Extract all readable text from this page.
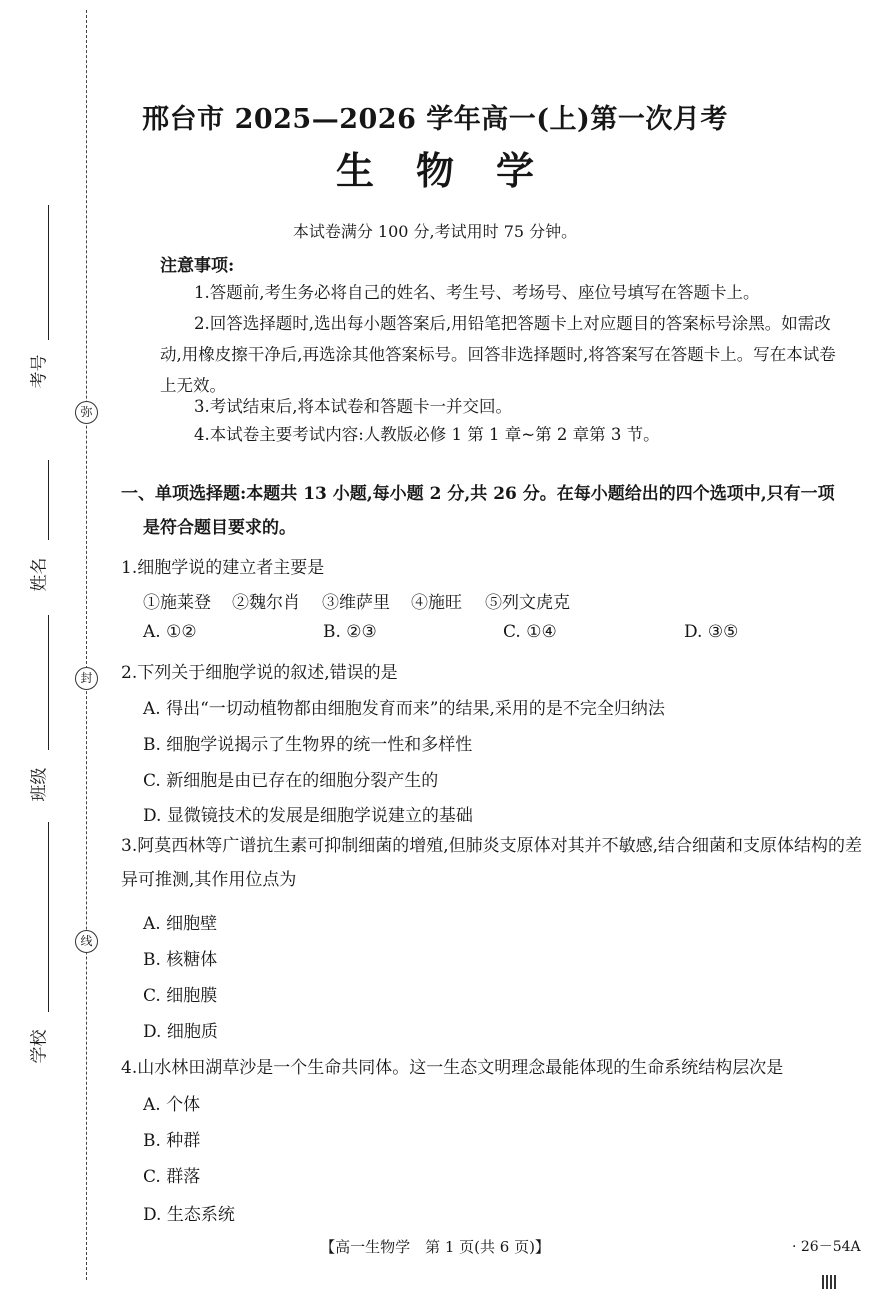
弥
封
线
考号
姓名
班级
学校
邢台市 2025—2026 学年高一(上)第一次月考
生物学
本试卷满分 100 分,考试用时 75 分钟。
注意事项:
1.答题前,考生务必将自己的姓名、考生号、考场号、座位号填写在答题卡上。
2.回答选择题时,选出每小题答案后,用铅笔把答题卡上对应题目的答案标号涂黑。如需改动,用橡皮擦干净后,再选涂其他答案标号。回答非选择题时,将答案写在答题卡上。写在本试卷上无效。
3.考试结束后,将本试卷和答题卡一并交回。
4.本试卷主要考试内容:人教版必修 1 第 1 章~第 2 章第 3 节。
一、单项选择题:本题共 13 小题,每小题 2 分,共 26 分。在每小题给出的四个选项中,只有一项
是符合题目要求的。
1.细胞学说的建立者主要是
①施莱登 ②魏尔肖 ③维萨里 ④施旺 ⑤列文虎克
A. ①②	B. ②③	C. ①④	D. ③⑤
2.下列关于细胞学说的叙述,错误的是
A. 得出“一切动植物都由细胞发育而来”的结果,采用的是不完全归纳法
B. 细胞学说揭示了生物界的统一性和多样性
C. 新细胞是由已存在的细胞分裂产生的
D. 显微镜技术的发展是细胞学说建立的基础
3.阿莫西林等广谱抗生素可抑制细菌的增殖,但肺炎支原体对其并不敏感,结合细菌和支原体结构的差异可推测,其作用位点为
A. 细胞壁
B. 核糖体
C. 细胞膜
D. 细胞质
4.山水林田湖草沙是一个生命共同体。这一生态文明理念最能体现的生命系统结构层次是
A. 个体
B. 种群
C. 群落
D. 生态系统
【高一生物学　第 1 页(共 6 页)】	· 26－54A
